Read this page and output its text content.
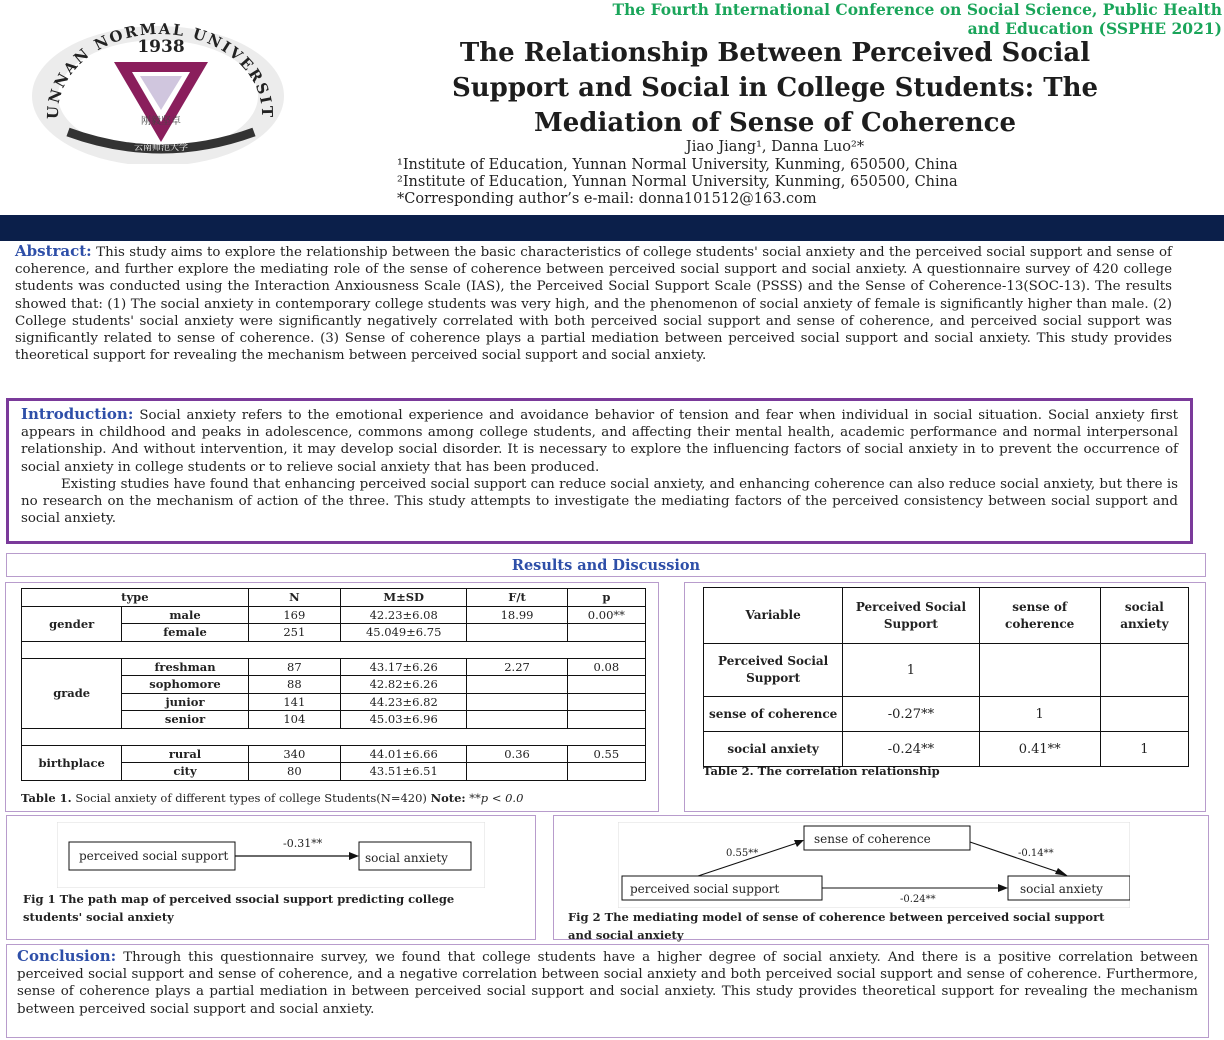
The Fourth International Conference on Social Science, Public Health
and Education (SSPHE 2021)
UNNAN NORMAL UNIVERSIT
1938
刚毅坚卓
云南师范大学
The Relationship Between Perceived Social
Support and Social in College Students: The
Mediation of Sense of Coherence
Jiao Jiang¹, Danna Luo²*
¹Institute of Education, Yunnan Normal University, Kunming, 650500, China
²Institute of Education, Yunnan Normal University, Kunming, 650500, China
*Corresponding author’s e-mail: donna101512@163.com
Abstract: This study aims to explore the relationship between the basic characteristics of college students' social anxiety and the perceived social support and sense of coherence, and further explore the mediating role of the sense of coherence between perceived social support and social anxiety. A questionnaire survey of 420 college students was conducted using the Interaction Anxiousness Scale (IAS), the Perceived Social Support Scale (PSSS) and the Sense of Coherence-13(SOC-13). The results showed that: (1) The social anxiety in contemporary college students was very high, and the phenomenon of social anxiety of female is significantly higher than male. (2) College students' social anxiety were significantly negatively correlated with both perceived social support and sense of coherence, and perceived social support was significantly related to sense of coherence. (3) Sense of coherence plays a partial mediation between perceived social support and social anxiety. This study provides theoretical support for revealing the mechanism between perceived social support and social anxiety.

Introduction: Social anxiety refers to the emotional experience and avoidance behavior of tension and fear when individual in social situation. Social anxiety first appears in childhood and peaks in adolescence, commons among college students, and affecting their mental health, academic performance and normal interpersonal relationship. And without intervention, it may develop social disorder. It is necessary to explore the influencing factors of social anxiety in to prevent the occurrence of social anxiety in college students or to relieve social anxiety that has been produced.

Existing studies have found that enhancing perceived social support can reduce social anxiety, and enhancing coherence can also reduce social anxiety, but there is no research on the mechanism of action of the three. This study attempts to investigate the mediating factors of the perceived consistency between social support and social anxiety.

Results and Discussion
type		N	M±SD	F/t	p
gender	male	169	42.23±6.08	18.99	0.00**
	female	251	45.049±6.75		

grade	freshman	87	43.17±6.26	2.27	0.08
	sophomore	88	42.82±6.26		
	junior	141	44.23±6.82		
	senior	104	45.03±6.96		

birthplace	rural	340	44.01±6.66	0.36	0.55
	city	80	43.51±6.51		
Table 1. Social anxiety of different types of college Students(N=420) Note: **p < 0.0
Variable	Perceived Social Support	sense of coherence	social anxiety
Perceived Social Support	1		
sense of coherence	-0.27**	1	
social anxiety	-0.24**	0.41**	1
Table 2. The correlation relationship
perceived social support
-0.31**
social anxiety
Fig 1 The path map of perceived ssocial support predicting college
students' social anxiety
sense of coherence
perceived social support	social anxiety
0.55**	-0.14**
-0.24**
Fig 2 The mediating model of sense of coherence between perceived social support
and social anxiety
Conclusion: Through this questionnaire survey, we found that college students have a higher degree of social anxiety. And there is a positive correlation between perceived social support and sense of coherence, and a negative correlation between social anxiety and both perceived social support and sense of coherence. Furthermore, sense of coherence plays a partial mediation in between perceived social support and social anxiety. This study provides theoretical support for revealing the mechanism between perceived social support and social anxiety.
